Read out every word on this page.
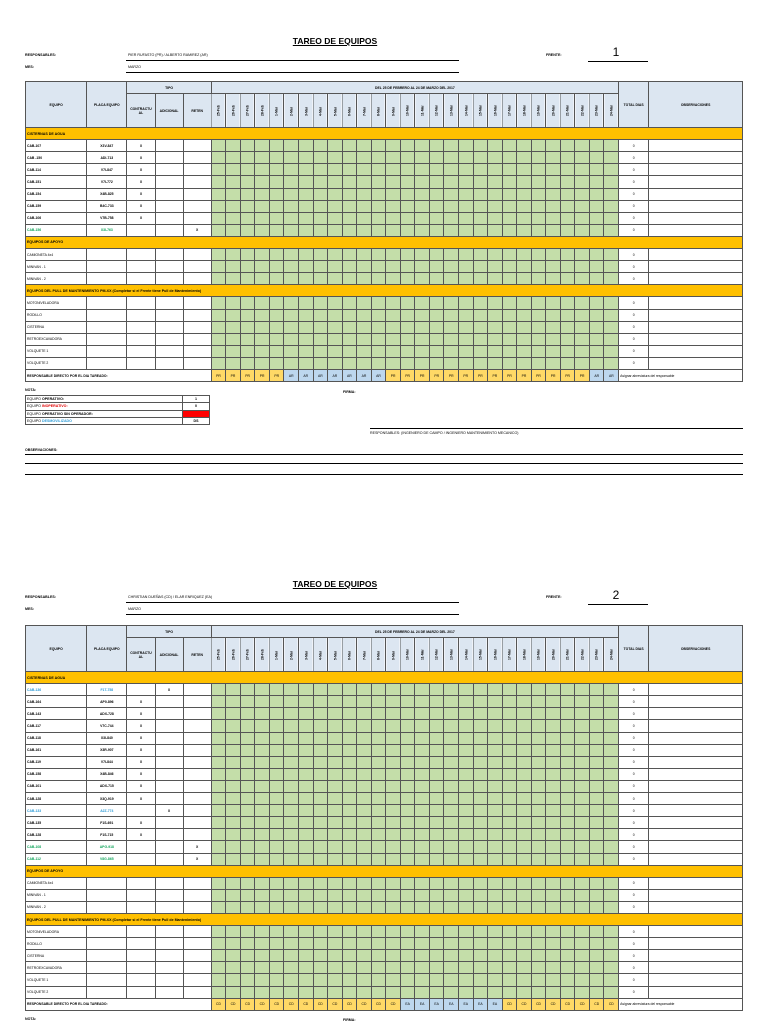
TAREO DE EQUIPOS
RESPONSABLES:	PIER RUFASTO (PR) / ALBERTO RAMIREZ (AR)
MES:	MARZO
FRENTE:	1
EQUIPO	PLACA EQUIPO	TIPO			DEL 25 DE FEBRERO AL 24 DE MARZO DEL 2017																												TOTAL DIAS	OBSERVACIONES
		CONTRACTU AL	ADICIONAL	RETEN	25-Feb	26-Feb	27-Feb	28-Feb	1-Mar	2-Mar	3-Mar	4-Mar	5-Mar	6-Mar	7-Mar	8-Mar	9-Mar	10-Mar	11-Mar	12-Mar	13-Mar	14-Mar	15-Mar	16-Mar	17-Mar	18-Mar	19-Mar	20-Mar	21-Mar	22-Mar	23-Mar	24-Mar		
CISTERNAS DE AGUA																																		
CAB-107	X3V-847	X																															0	
CAB -150	ADI-713	X																															0	
CAB-114	V7I-847	X																															0	
CAB-151	V7I-772	X																															0	
CAB-154	X4B-825	X																															0	
CAB-159	B4C-733	X																															0	
CAB-106	V7B-758	X																															0	
CAB-156	X3I-763			X																													0	
EQUIPOS DE APOYO																																		
CAMIONETA 4x4																																	0	
MINIVAN - 1																																	0	
MINIVAN - 2																																	0	
EQUIPOS DEL PULL DE MANTENIMIENTO PM-XX (Completar si el Frente tiene Pull de Mantenimiento)																																		
MOTONIVELADORA																																	0	
RODILLO																																	0	
CISTERNA																																	0	
RETROEXCAVADORA																																	0	
VOLQUETE 1																																	0	
VOLQUETE 2																																	0	
RESPONSABLE DIRECTO POR EL DIA TAREADO:					PR	PR	PR	PR	PR	AR	AR	AR	AR	AR	AR	AR	PR	PR	PR	PR	PR	PR	PR	PR	PR	PR	PR	PR	PR	PR	AR	AR	Asignar abreviatura del responsable	
NOTA:	FIRMA:
EQUIPO OPERATIVO:	1
EQUIPO INOPERATIVO:	0
EQUIPO OPERATIVO SIN OPERADOR:	
EQUIPO DESMOVILIZADO	DS
RESPONSABLES: (INGENIERO DE CAMPO / INGENIERO MANTENIMIENTO MECANICO)
OBSERVACIONES:
TAREO DE EQUIPOS
RESPONSABLES:	CHRISTIAN DUEÑAS (CD) / ELAR ENRIQUEZ (EA)
MES:	MARZO
FRENTE:	2
EQUIPO	PLACA EQUIPO	TIPO			DEL 25 DE FEBRERO AL 24 DE MARZO DEL 2017																												TOTAL DIAS	OBSERVACIONES
		CONTRACTU AL	ADICIONAL	RETEN	25-Feb	26-Feb	27-Feb	28-Feb	1-Mar	2-Mar	3-Mar	4-Mar	5-Mar	6-Mar	7-Mar	8-Mar	9-Mar	10-Mar	11-Mar	12-Mar	13-Mar	14-Mar	15-Mar	16-Mar	17-Mar	18-Mar	19-Mar	20-Mar	21-Mar	22-Mar	23-Mar	24-Mar		
CISTERNAS DE AGUA																																		
CAB-136	F1T-758		X																														0	
CAB-164	AP0-896	X																															0	
CAB-143	ADX-728	X																															0	
CAB-117	V7C-744	X																															0	
CAB-118	X3I-840	X																															0	
CAB-161	X3R-907	X																															0	
CAB-119	V7I-844	X																															0	
CAB-158	X4B-846	X																															0	
CAB-101	ADX-715	X																															0	
CAB-128	X3Q-919	X																															0	
CAB-133	A2Z-774		X																														0	
CAB-135	F1S-691	X																															0	
CAB-128	F1S-715	X																															0	
CAB-108	APG-918			X																													0	
CAB-112	V8G-865			X																													0	
EQUIPOS DE APOYO																																		
CAMIONETA 4x4																																	0	
MINIVAN - 1																																	0	
MINIVAN - 2																																	0	
EQUIPOS DEL PULL DE MANTENIMIENTO PM-XX (Completar si el Frente tiene Pull de Mantenimiento)																																		
MOTONIVELADORA																																	0	
RODILLO																																	0	
CISTERNA																																	0	
RETROEXCAVADORA																																	0	
VOLQUETE 1																																	0	
VOLQUETE 2																																	0	
RESPONSABLE DIRECTO POR EL DIA TAREADO:					CD	CD	CD	CD	CD	CD	CD	CD	CD	CD	CD	CD	CD	EA	EA	EA	EA	EA	EA	EA	CD	CD	CD	CD	CD	CD	CD	CD	Asignar abreviatura del responsable	
NOTA:	FIRMA:
